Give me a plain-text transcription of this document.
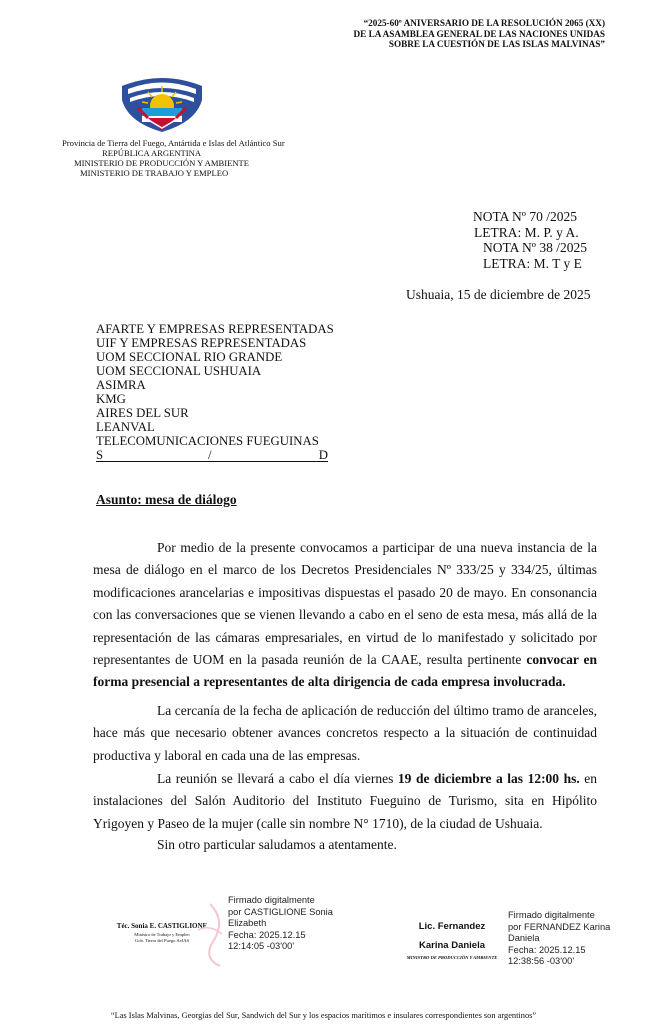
“2025-60º ANIVERSARIO DE LA RESOLUCIÓN 2065 (XX)
DE LA ASAMBLEA GENERAL DE LAS NACIONES UNIDAS
SOBRE LA CUESTIÓN DE LAS ISLAS MALVINAS”
Provincia de Tierra del Fuego, Antártida e Islas del Atlántico Sur
REPÚBLICA ARGENTINA
MINISTERIO DE PRODUCCIÓN Y AMBIENTE
MINISTERIO DE TRABAJO Y EMPLEO
NOTA Nº 70 /2025
LETRA: M. P. y A.
NOTA Nº 38 /2025
LETRA: M. T y E
Ushuaia, 15 de diciembre de 2025
AFARTE Y EMPRESAS REPRESENTADAS
UIF Y EMPRESAS REPRESENTADAS
UOM SECCIONAL RIO GRANDE
UOM SECCIONAL USHUAIA
ASIMRA
KMG
AIRES DEL SUR
LEANVAL
TELECOMUNICACIONES FUEGUINAS
S	/	D
Asunto: mesa de diálogo

Por medio de la presente convocamos a participar de una nueva instancia de la mesa de diálogo en el marco de los Decretos Presidenciales Nº 333/25 y 334/25, últimas modificaciones arancelarias e impositivas dispuestas el pasado 20 de mayo. En consonancia con las conversaciones que se vienen llevando a cabo en el seno de esta mesa, más allá de la representación de las cámaras empresariales, en virtud de lo manifestado y solicitado por representantes de UOM en la pasada reunión de la CAAE, resulta pertinente convocar en forma presencial a representantes de alta dirigencia de cada empresa involucrada.

La cercanía de la fecha de aplicación de reducción del último tramo de aranceles, hace más que necesario obtener avances concretos respecto a la situación de continuidad productiva y laboral en cada una de las empresas.

La reunión se llevará a cabo el día viernes 19 de diciembre a las 12:00 hs. en instalaciones del Salón Auditorio del Instituto Fueguino de Turismo, sita en Hipólito Yrigoyen y Paseo de la mujer (calle sin nombre N° 1710), de la ciudad de Ushuaia.

Sin otro particular saludamos a atentamente.

Téc. Sonia E. CASTIGLIONE
Ministro de Trabajo y Empleo
Gob. Tierra del Fuego AeIAS
Firmado digitalmente
por CASTIGLIONE Sonia
Elizabeth
Fecha: 2025.12.15
12:14:05 -03'00'
Lic. Fernandez
Karina Daniela
MINISTRO DE PRODUCCIÓN Y AMBIENTE
Firmado digitalmente
por FERNANDEZ Karina
Daniela
Fecha: 2025.12.15
12:38:56 -03'00'
“Las Islas Malvinas, Georgias del Sur, Sandwich del Sur y los espacios marítimos e insulares correspondientes son argentinos”
